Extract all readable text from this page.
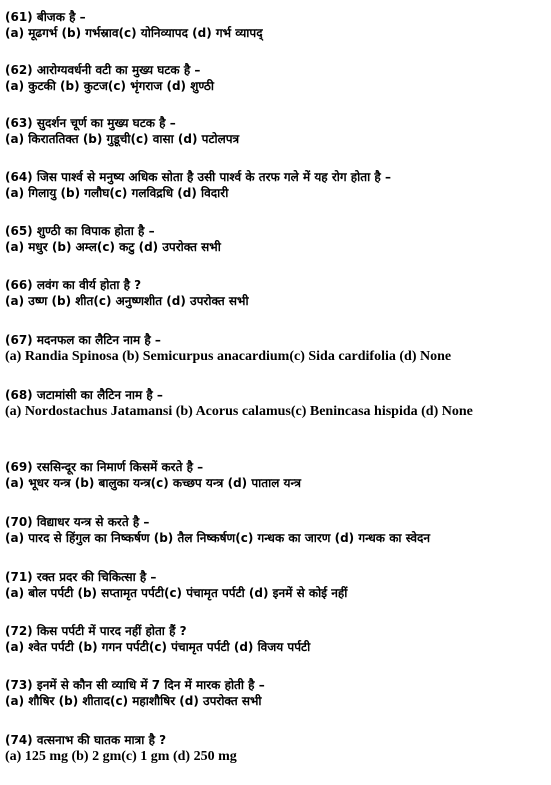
(61) बीजक है –
(a) मूढगर्भ (b) गर्भस्राव(c) योनिव्यापद (d) गर्भ व्यापद्
(62) आरोग्यवर्धनी वटी का मुख्य घटक है –
(a) कुटकी (b) कुटज(c) भृंगराज (d) शुण्ठी
(63) सुदर्शन चूर्ण का मुख्य घटक है –
(a) किराततिक्त (b) गुडूची(c) वासा (d) पटोलपत्र
(64) जिस पार्श्व से मनुष्य अधिक सोता है उसी पार्श्व के तरफ गले में यह रोग होता है –
(a) गिलायु (b) गलौघ(c) गलविद्रधि (d) विदारी
(65) शुण्ठी का विपाक होता है –
(a) मधुर (b) अम्ल(c) कटु (d) उपरोक्त सभी
(66) लवंग का वीर्य होता है ?
(a) उष्ण (b) शीत(c) अनुष्णशीत (d) उपरोक्त सभी
(67) मदनफल का लैटिन नाम है –
(a) Randia Spinosa (b) Semicurpus anacardium(c) Sida cardifolia (d) None
(68) जटामांसी का लैटिन नाम है –
(a) Nordostachus Jatamansi (b) Acorus calamus(c) Benincasa hispida (d) None
(69) रससिन्दूर का निमार्ण किसमें करते है –
(a) भूधर यन्त्र (b) बालुका यन्त्र(c) कच्छप यन्त्र (d) पाताल यन्त्र
(70) विद्याधर यन्त्र से करते है –
(a) पारद से हिंगुल का निष्कर्षण (b) तैल निष्कर्षण(c) गन्धक का जारण (d) गन्धक का स्वेदन
(71) रक्त प्रदर की चिकित्सा है –
(a) बोल पर्पटी (b) सप्तामृत पर्पटी(c) पंचामृत पर्पटी (d) इनमें से कोई नहीं
(72) किस पर्पटी में पारद नहीं होता हैं ?
(a) श्वेत पर्पटी (b) गगन पर्पटी(c) पंचामृत पर्पटी (d) विजय पर्पटी
(73) इनमें से कौन सी व्याधि में 7 दिन में मारक होती है –
(a) शौषिर (b) शीताद(c) महाशौषिर (d) उपरोक्त सभी
(74) वत्सनाभ की घातक मात्रा है ?
(a) 125 mg (b) 2 gm(c) 1 gm (d) 250 mg
